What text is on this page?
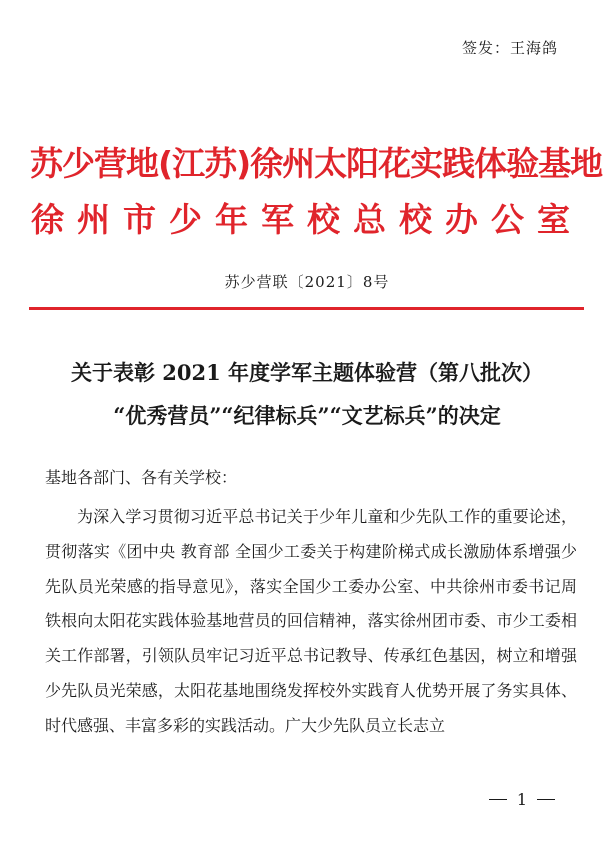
签发：王海鸽
苏少营地(江苏)徐州太阳花实践体验基地
徐州市少年军校总校办公室
苏少营联〔2021〕8号
关于表彰 2021 年度学军主题体验营（第八批次）
“优秀营员”“纪律标兵”“文艺标兵”的决定
基地各部门、各有关学校：
为深入学习贯彻习近平总书记关于少年儿童和少先队工作的重要论述，贯彻落实《团中央 教育部 全国少工委关于构建阶梯式成长激励体系增强少先队员光荣感的指导意见》，落实全国少工委办公室、中共徐州市委书记周铁根向太阳花实践体验基地营员的回信精神，落实徐州团市委、市少工委相关工作部署，引领队员牢记习近平总书记教导、传承红色基因，树立和增强少先队员光荣感，太阳花基地围绕发挥校外实践育人优势开展了务实具体、时代感强、丰富多彩的实践活动。广大少先队员立长志立
1
